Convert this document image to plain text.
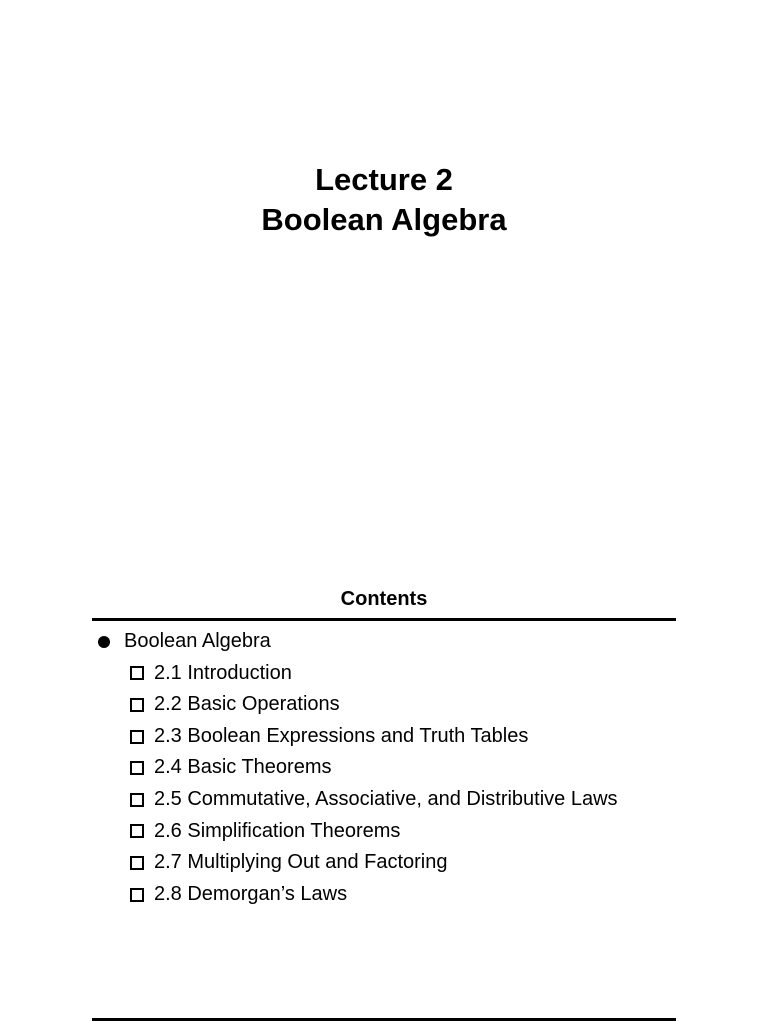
Lecture 2
Boolean Algebra
Contents
Boolean Algebra
2.1 Introduction
2.2 Basic Operations
2.3 Boolean Expressions and Truth Tables
2.4 Basic Theorems
2.5 Commutative, Associative, and Distributive Laws
2.6 Simplification Theorems
2.7 Multiplying Out and Factoring
2.8 Demorgan’s Laws
